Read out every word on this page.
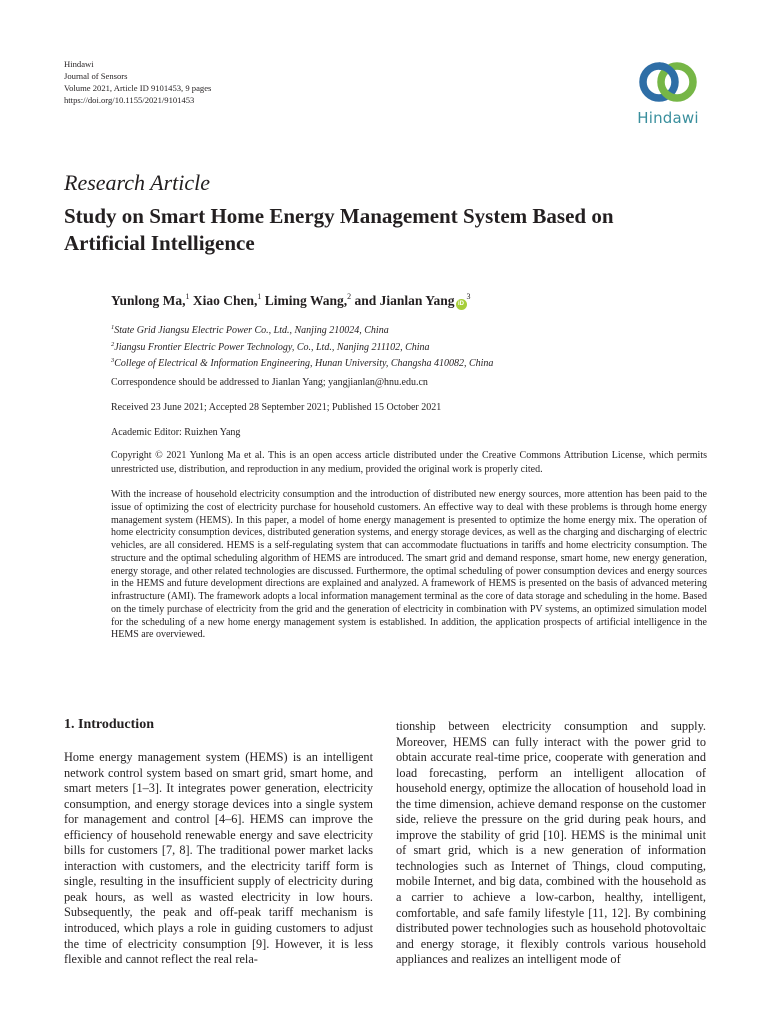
Hindawi
Journal of Sensors
Volume 2021, Article ID 9101453, 9 pages
https://doi.org/10.1155/2021/9101453
Hindawi
Research Article
Study on Smart Home Energy Management System Based on Artificial Intelligence
Yunlong Ma,$^1$ Xiao Chen,$^1$ Liming Wang,$^2$ and Jianlan Yang $iD^3$
$^1$State Grid Jiangsu Electric Power Co., Ltd., Nanjing 210024, China
$^2$Jiangsu Frontier Electric Power Technology, Co., Ltd., Nanjing 211102, China
$^3$College of Electrical & Information Engineering, Hunan University, Changsha 410082, China
Correspondence should be addressed to Jianlan Yang; yangjianlan@hnu.edu.cn
Received 23 June 2021; Accepted 28 September 2021; Published 15 October 2021
Academic Editor: Ruizhen Yang
Copyright © 2021 Yunlong Ma et al. This is an open access article distributed under the Creative Commons Attribution License, which permits unrestricted use, distribution, and reproduction in any medium, provided the original work is properly cited.
With the increase of household electricity consumption and the introduction of distributed new energy sources, more attention has been paid to the issue of optimizing the cost of electricity purchase for household customers. An effective way to deal with these problems is through home energy management system (HEMS). In this paper, a model of home energy management is presented to optimize the home energy mix. The operation of home electricity consumption devices, distributed generation systems, and energy storage devices, as well as the charging and discharging of electric vehicles, are all considered. HEMS is a self-regulating system that can accommodate fluctuations in tariffs and home electricity consumption. The structure and the optimal scheduling algorithm of HEMS are introduced. The smart grid and demand response, smart home, new energy generation, energy storage, and other related technologies are discussed. Furthermore, the optimal scheduling of power consumption devices and energy sources in the HEMS and future development directions are explained and analyzed. A framework of HEMS is presented on the basis of advanced metering infrastructure (AMI). The framework adopts a local information management terminal as the core of data storage and scheduling in the home. Based on the timely purchase of electricity from the grid and the generation of electricity in combination with PV systems, an optimized simulation model for the scheduling of a new home energy management system is established. In addition, the application prospects of artificial intelligence in the HEMS are overviewed.
1. Introduction
Home energy management system (HEMS) is an intelligent network control system based on smart grid, smart home, and smart meters [1–3]. It integrates power generation, electricity consumption, and energy storage devices into a single system for management and control [4–6]. HEMS can improve the efficiency of household renewable energy and save electricity bills for customers [7, 8]. The traditional power market lacks interaction with customers, and the electricity tariff form is single, resulting in the insufficient supply of electricity during peak hours, as well as wasted electricity in low hours. Subsequently, the peak and off-peak tariff mechanism is introduced, which plays a role in guiding customers to adjust the time of electricity consumption [9]. However, it is less flexible and cannot reflect the real rela-
tionship between electricity consumption and supply. Moreover, HEMS can fully interact with the power grid to obtain accurate real-time price, cooperate with generation and load forecasting, perform an intelligent allocation of household energy, optimize the allocation of household load in the time dimension, achieve demand response on the customer side, relieve the pressure on the grid during peak hours, and improve the stability of grid [10]. HEMS is the minimal unit of smart grid, which is a new generation of information technologies such as Internet of Things, cloud computing, mobile Internet, and big data, combined with the household as a carrier to achieve a low-carbon, healthy, intelligent, comfortable, and safe family lifestyle [11, 12]. By combining distributed power technologies such as household photovoltaic and energy storage, it flexibly controls various household appliances and realizes an intelligent mode of
